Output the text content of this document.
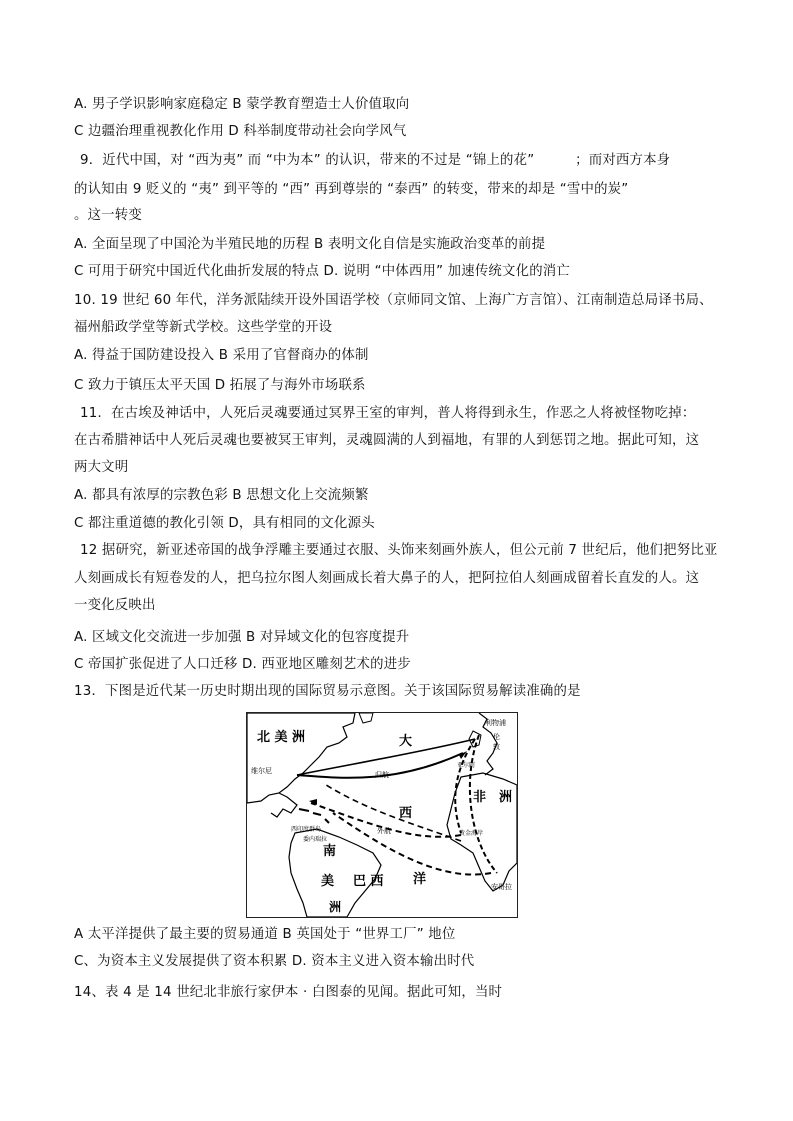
A. 男子学识影响家庭稳定 B 蒙学教育塑造士人价值取向
C 边疆治理重视教化作用 D 科举制度带动社会向学风气
9．近代中国，对 “西为夷” 而 “中为本” 的认识，带来的不过是 “锦上的花”　　　；而对西方本身
的认知由 9 贬义的 “夷” 到平等的 “西” 再到尊崇的 “泰西” 的转变，带来的却是 “雪中的炭”
。这一转变
A. 全面呈现了中国沦为半殖民地的历程 B 表明文化自信是实施政治变革的前提
C 可用于研究中国近代化曲折发展的特点 D. 说明 “中体西用” 加速传统文化的消亡
10. 19 世纪 60 年代，洋务派陆续开设外国语学校（京师同文馆、上海广方言馆）、江南制造总局译书局、
福州船政学堂等新式学校。这些学堂的开设
A. 得益于国防建设投入 B 采用了官督商办的体制
C 致力于镇压太平天国 D 拓展了与海外市场联系
11．在古埃及神话中，人死后灵魂要通过冥界王室的审判，普人将得到永生，作恶之人将被怪物吃掉：
在古希腊神话中人死后灵魂也要被冥王审判，灵魂圆满的人到福地，有罪的人到惩罚之地。据此可知，这
两大文明
A. 都具有浓厚的宗教色彩 B 思想文化上交流频繁
C 都注重道德的教化引领 D，具有相同的文化源头
12 据研究，新亚述帝国的战争浮雕主要通过衣服、头饰来刻画外族人，但公元前 7 世纪后，他们把努比亚
人刻画成长有短卷发的人，把乌拉尔图人刻画成长着大鼻子的人，把阿拉伯人刻画成留着长直发的人。这
一变化反映出
A. 区域文化交流进一步加强 B 对异域文化的包容度提升
C 帝国扩张促进了人口迁移 D. 西亚地区雕刻艺术的进步
13．下图是近代某一历史时期出现的国际贸易示意图。关于该国际贸易解读准确的是
北 美 洲	大
西
洋
南
美 巴 西
洲
非 洲
利物浦
伦
敦
维尔尼
亚尔阿
西印度群岛
委内瑞拉
黄金海岸
安哥拉
归航
外航
A 太平洋提供了最主要的贸易通道 B 英国处于 “世界工厂” 地位
C、为资本主义发展提供了资本积累 D. 资本主义进入资本输出时代
14、表 4 是 14 世纪北非旅行家伊本 · 白图泰的见闻。据此可知，当时
